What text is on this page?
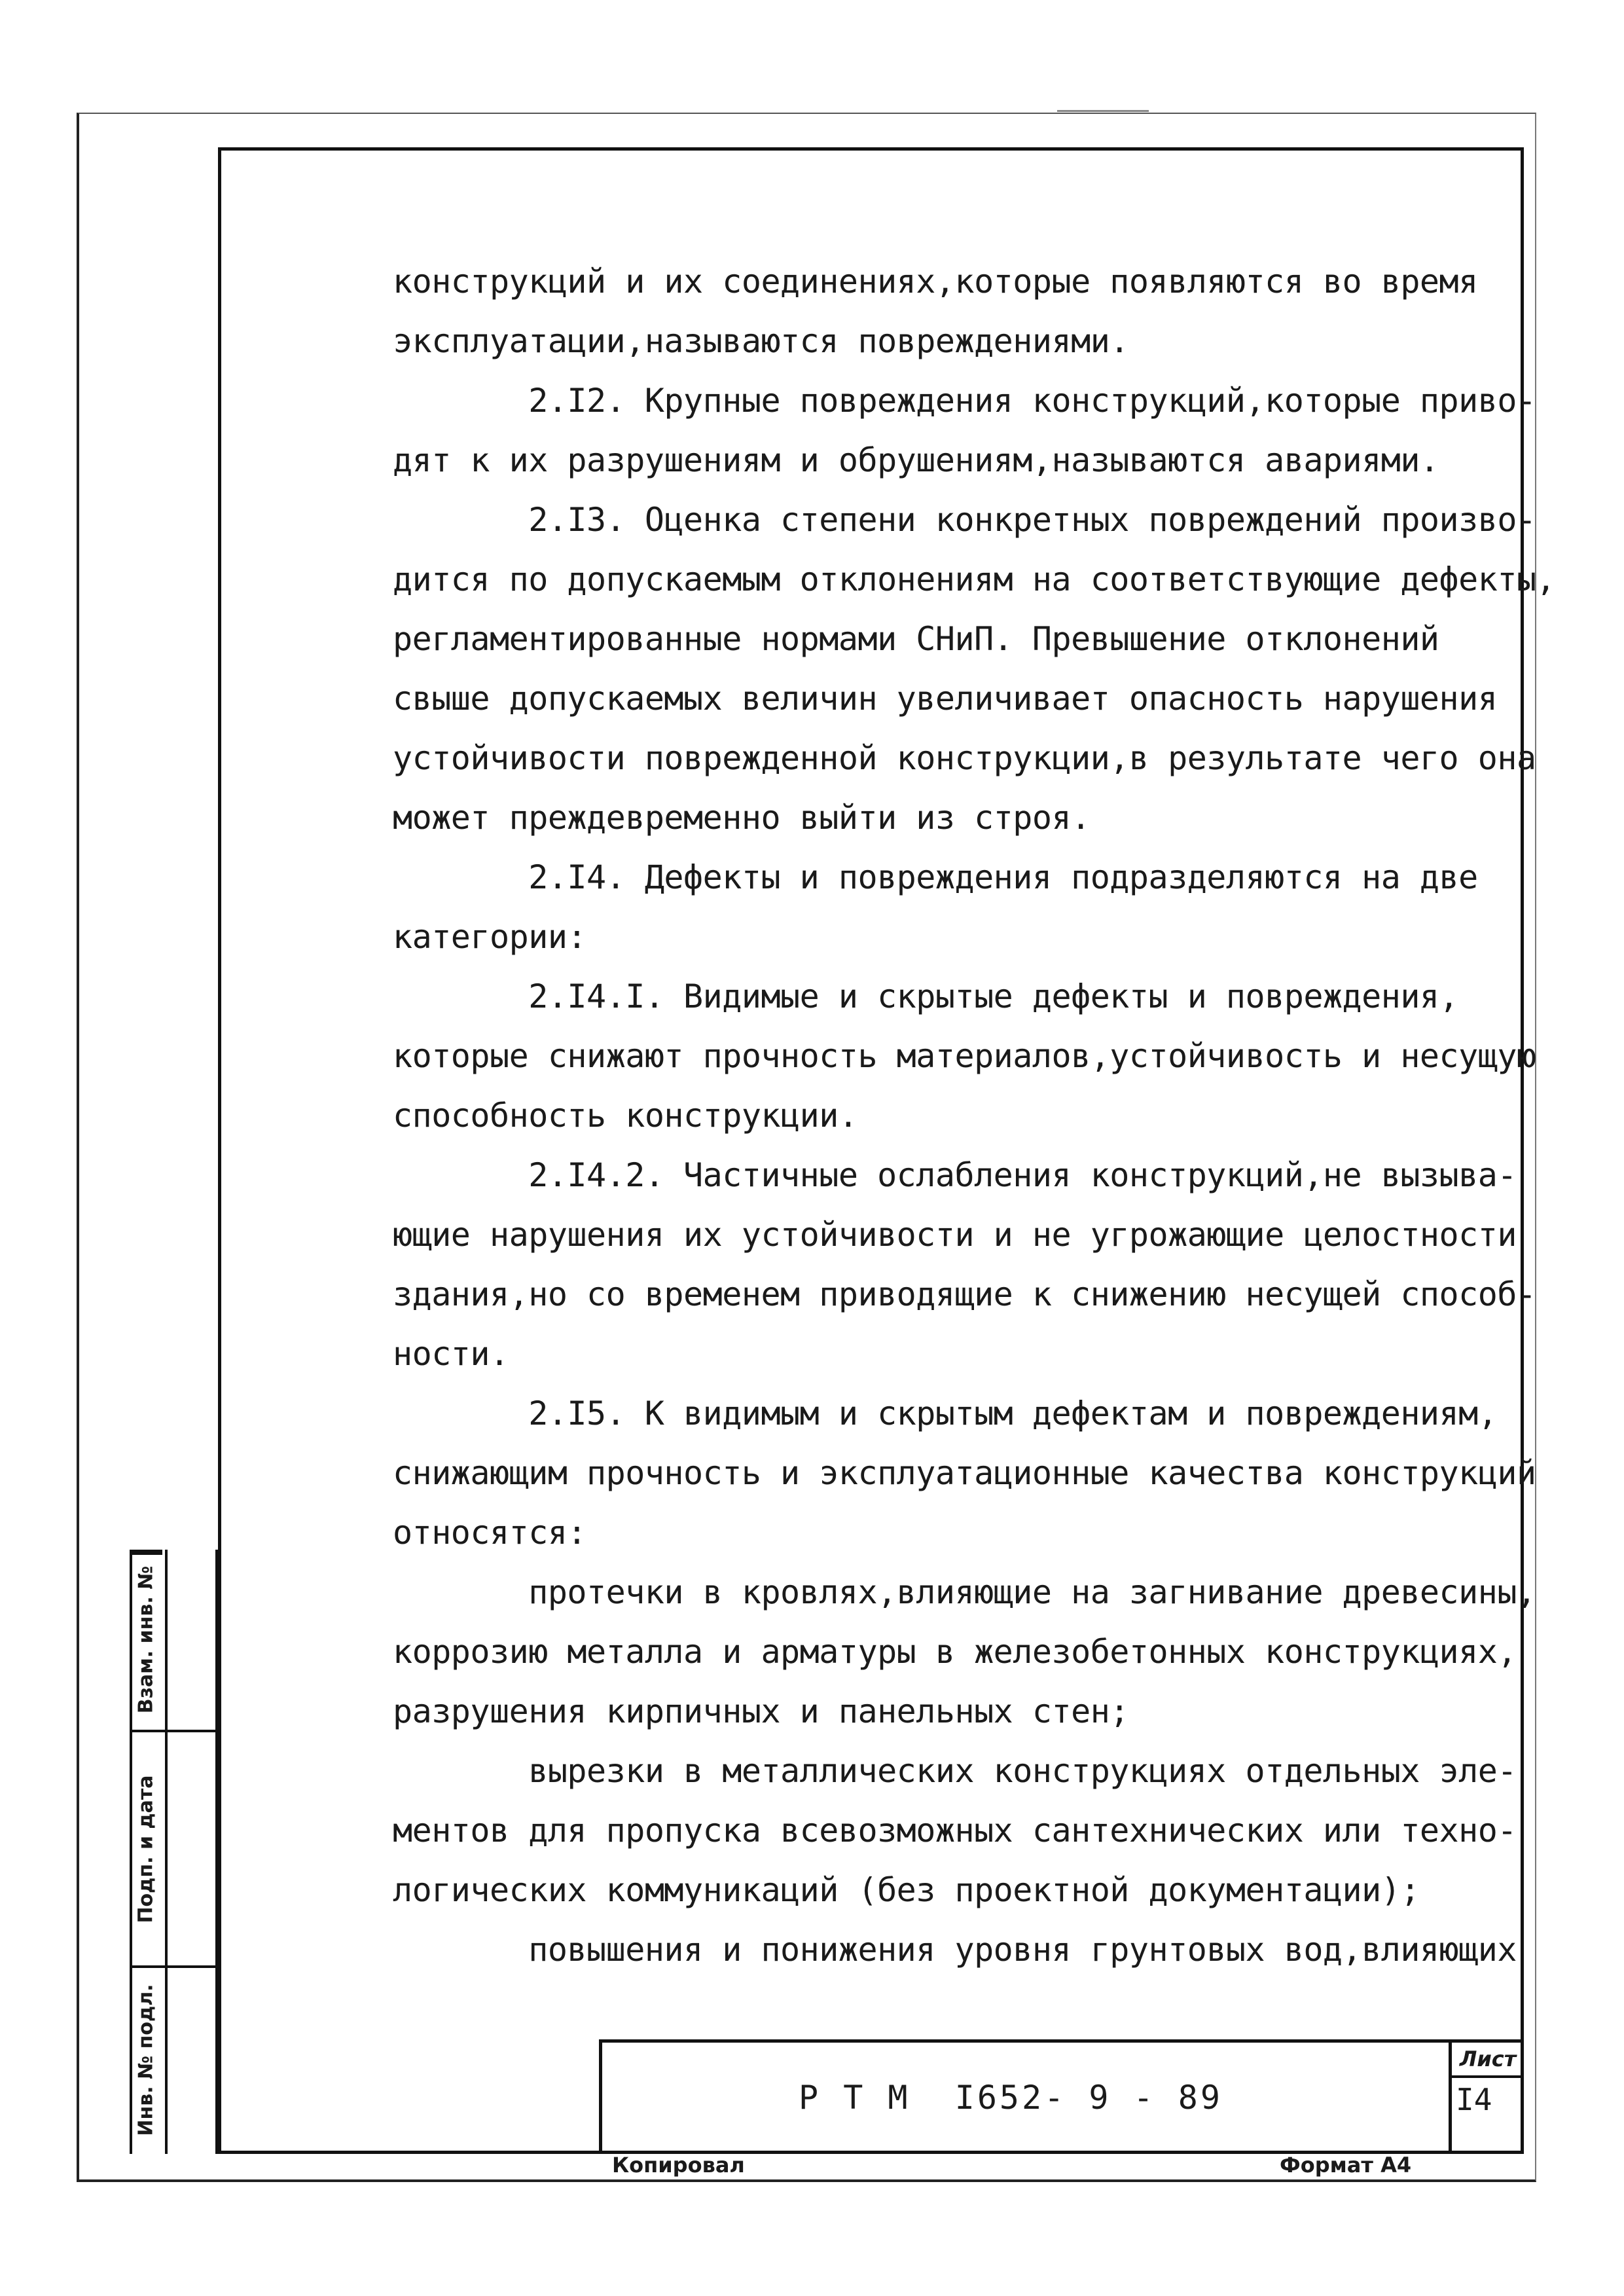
конструкций и их соединениях,которые появляются во время
эксплуатации,называются повреждениями.
2.I2. Крупные повреждения конструкций,которые приво-
дят к их разрушениям и обрушениям,называются авариями.
2.I3. Оценка степени конкретных повреждений произво-
дится по допускаемым отклонениям на соответствующие дефекты,
регламентированные нормами СНиП. Превышение отклонений
свыше допускаемых величин увеличивает опасность нарушения
устойчивости поврежденной конструкции,в результате чего она
может преждевременно выйти из строя.
2.I4. Дефекты и повреждения подразделяются на две
категории:
2.I4.I. Видимые и скрытые дефекты и повреждения,
которые снижают прочность материалов,устойчивость и несущую
способность конструкции.
2.I4.2. Частичные ослабления конструкций,не вызыва-
ющие нарушения их устойчивости и не угрожающие целостности
здания,но со временем приводящие к снижению несущей способ-
ности.
2.I5. К видимым и скрытым дефектам и повреждениям,
снижающим прочность и эксплуатационные качества конструкций
относятся:
протечки в кровлях,влияющие на загнивание древесины,
коррозию металла и арматуры в железобетонных конструкциях,
разрушения кирпичных и панельных стен;
вырезки в металлических конструкциях отдельных эле-
ментов для пропуска всевозможных сантехнических или техно-
логических коммуникаций (без проектной документации);
повышения и понижения уровня грунтовых вод,влияющих
Взам. инв. №
Подп. и дата
Инв. № подл.	Р Т М  I652- 9 - 89
Лист
I4
Копировал	Формат А4
